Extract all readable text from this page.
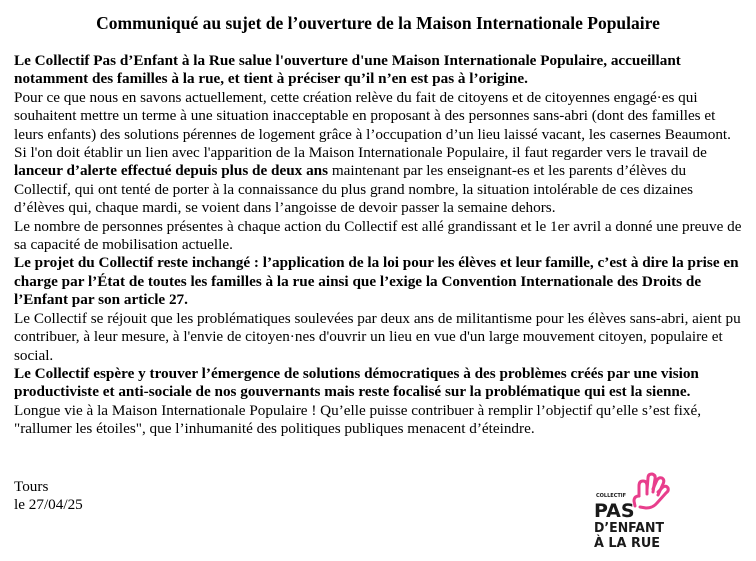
Communiqué au sujet de l’ouverture de la Maison Internationale Populaire

Le Collectif Pas d’Enfant à la Rue salue l'ouverture d'une Maison Internationale Populaire, accueillant notamment des familles à la rue, et tient à préciser qu’il n’en est pas à l’origine.

Pour ce que nous en savons actuellement, cette création relève du fait de citoyens et de citoyennes engagé·es qui souhaitent mettre un terme à une situation inacceptable en proposant à des personnes sans-abri (dont des familles et leurs enfants) des solutions pérennes de logement grâce à l’occupation d’un lieu laissé vacant, les casernes Beaumont.

Si l'on doit établir un lien avec l'apparition de la Maison Internationale Populaire, il faut regarder vers le travail de lanceur d’alerte effectué depuis plus de deux ans maintenant par les enseignant-es et les parents d’élèves du Collectif, qui ont tenté de porter à la connaissance du plus grand nombre, la situation intolérable de ces dizaines d’élèves qui, chaque mardi, se voient dans l’angoisse de devoir passer la semaine dehors.

Le nombre de personnes présentes à chaque action du Collectif est allé grandissant et le 1er avril a donné une preuve de sa capacité de mobilisation actuelle.

Le projet du Collectif reste inchangé : l’application de la loi pour les élèves et leur famille, c’est à dire la prise en charge par l’État de toutes les familles à la rue ainsi que l’exige la Convention Internationale des Droits de l’Enfant par son article 27.

Le Collectif se réjouit que les problématiques soulevées par deux ans de militantisme pour les élèves sans-abri, aient pu contribuer, à leur mesure, à l'envie de citoyen·nes d'ouvrir un lieu en vue d'un large mouvement citoyen, populaire et social.

Le Collectif espère y trouver l’émergence de solutions démocratiques à des problèmes créés par une vision productiviste et anti-sociale de nos gouvernants mais reste focalisé sur la problématique qui est la sienne.

Longue vie à la Maison Internationale Populaire ! Qu’elle puisse contribuer à remplir l’objectif qu’elle s’est fixé, "rallumer les étoiles", que l’inhumanité des politiques publiques menacent d’éteindre.

Tours
le 27/04/25
COLLECTIF
PAS
D’ENFANT
À LA RUE
